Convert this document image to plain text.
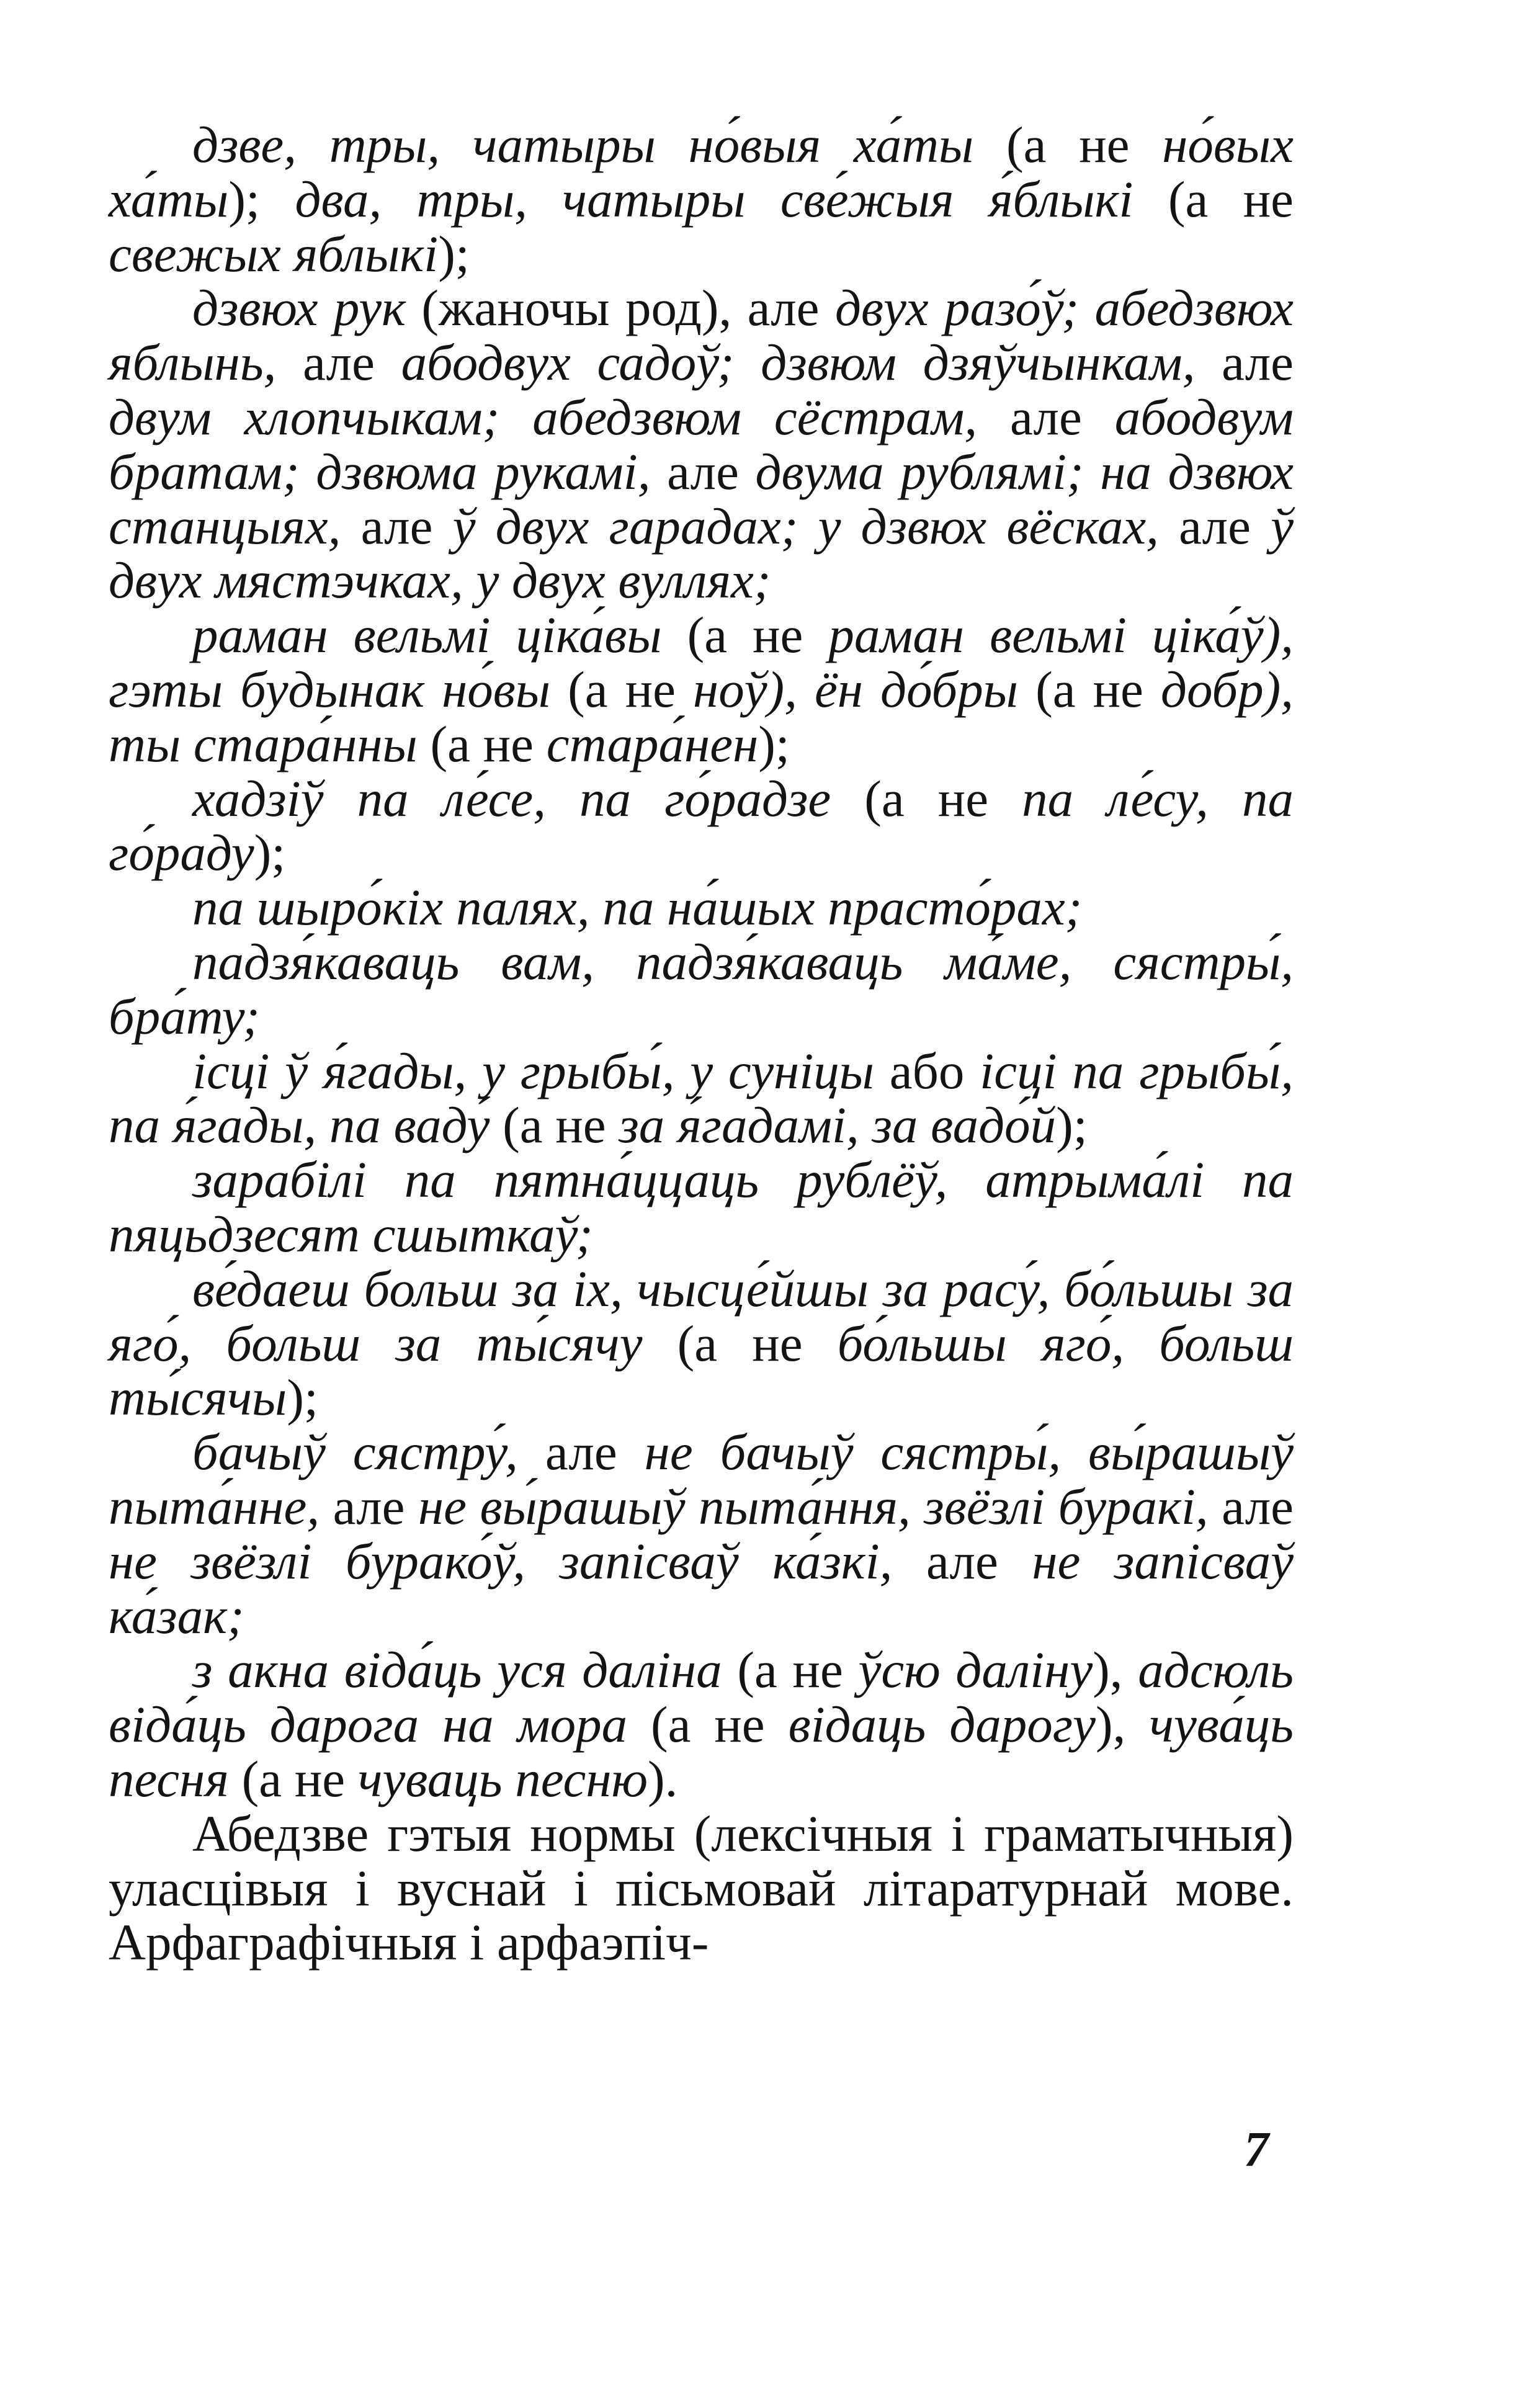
дзве, тры, чатыры но́выя ха́ты (а не но́вых ха́ты); два, тры, чатыры све́жыя я́блыкі (а не свежых яблыкі);

дзвюх рук (жаночы род), але двух разо́ў; абедзвюх яблынь, але абодвух садоў; дзвюм дзяўчынкам, але двум хлопчыкам; абедзвюм сёстрам, але абодвум братам; дзвюма рукамі, але двума рублямі; на дзвюх станцыях, але ў двух гарадах; у дзвюх вёсках, але ў двух мястэчках, у двух вуллях;

раман вельмі ціка́вы (а не раман вельмі ціка́ў), гэты будынак но́вы (а не ноў), ён до́бры (а не добр), ты стара́нны (а не стара́нен);

хадзіў па ле́се, па го́радзе (а не па ле́су, па го́раду);

па шыро́кіх палях, па на́шых прасто́рах;

падзя́каваць вам, падзя́каваць ма́ме, сястры́, бра́ту;

ісці ў я́гады, у грыбы́, у суніцы або ісці па грыбы́, па я́гады, па ваду́ (а не за я́гадамі, за вадо́й);

зарабілі па пятна́ццаць рублёў, атрыма́лі па пяцьдзесят сшыткаў;

ве́даеш больш за іх, чысце́йшы за расу́, бо́льшы за яго́, больш за ты́сячу (а не бо́льшы яго́, больш ты́сячы);

бачыў сястру́, але не бачыў сястры́, вы́рашыў пыта́нне, але не вы́рашыў пыта́ння, звёзлі буракі, але не звёзлі бурако́ў, запісваў ка́зкі, але не запісваў ка́зак;

з акна віда́ць уся даліна (а не ўсю даліну), адсюль віда́ць дарога на мора (а не відаць дарогу), чува́ць песня (а не чуваць песню).

Абедзве гэтыя нормы (лексічныя і граматычныя) уласцівыя і вуснай і пісьмовай літаратурнай мове. Арфаграфічныя і арфаэпіч-

7
